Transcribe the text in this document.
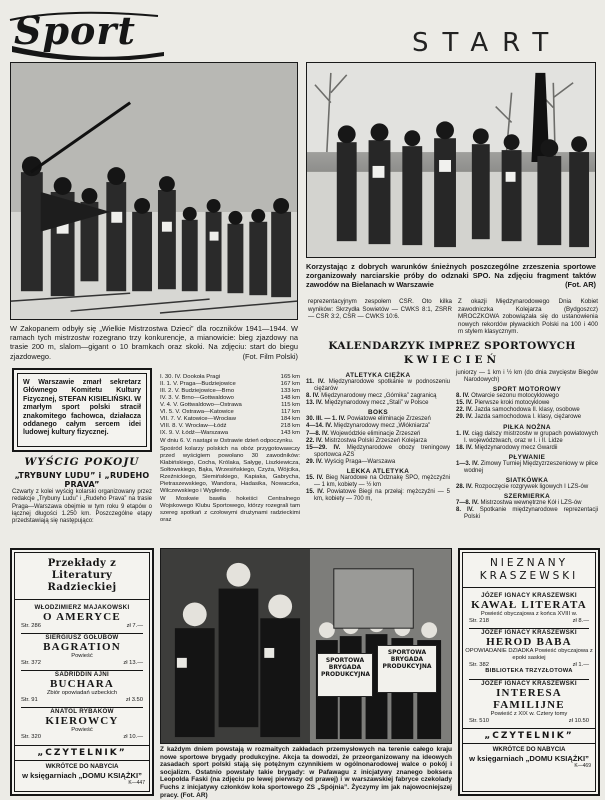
Sport	START
W Zakopanem odbyły się „Wielkie Mistrzostwa Dzieci” dla roczników 1941—1944. W ramach tych mistrzostw rozegrano trzy konkurencje, a mianowicie: bieg zjazdowy na trasie 200 m, slalom—gigant o 10 bramkach oraz skoki. Na zdjęciu: start do biegu zjazdowego.	(Fot. Film Polski)
Korzystając z dobrych warunków śnieżnych poszczególne zrzeszenia sportowe zorganizowały narciarskie próby do odznaki SPO. Na zdjęciu fragment taktów zawodów na Bielanach w Warszawie	(Fot. AR)
W Warszawie zmarł sekretarz Głównego Komitetu Kultury Fizycznej, STEFAN KISIELIŃSKI. W zmarłym sport polski stracił znakomitego fachowca, działacza oddanego całym sercem idei ludowej kultury fizycznej.
WYŚCIG POKOJU
„TRYBUNY LUDU” i „RUDEHO PRAVA”
Czwarty z kolei wyścig kolarski organizowany przez redakcje „Trybuny Ludu” i „Rudeho Prava” na trasie Praga—Warszawa obejmie w tym roku 9 etapów o łącznej długości 1.250 km. Poszczególne etapy przedstawiają się następująco:
I. 30. IV. Dookoła Pragi	165 km
II. 1. V. Praga—Budziejowice	167 km
III. 2. V. Budziejowice—Brno	133 km
IV. 3. V. Brno—Gottwaldowo	148 km
V. 4. V. Gottwaldowo—Ostrawa	115 km
VI. 5. V. Ostrawa—Katowice	117 km
VII. 7. V. Katowice—Wrocław	184 km
VIII. 8. V. Wrocław—Łódź	218 km
IX. 9. V. Łódź—Warszawa	143 km
W dniu 6. V. nastąpi w Ostrawie dzień odpoczynku.
Spośród kolarzy polskich na obóz przygotowawczy przed wyścigiem powołano 30 zawodników: Kłabińskiego, Cocha, Królaka, Sałygę, Liszkiewicza, Sołtowskiego, Bąka, Wrzesińskiego, Czyża, Wójcika, Rzeźnickiego, Siemińskiego, Kapiaka, Gabrycha, Pietraszewskiego, Wandora, Hadasika, Nowaczka, Wilczewskiego i Wyglendę.
W Moskwie bawiła hokeiści Centralnego Wojskowego Klubu Sportowego, którzy rozegrali tam szereg spotkań z czołowymi drużynami radzieckimi oraz
reprezentacyjnym zespołem CSR. Oto kilka wyników: Skrzydła Sowietów — CWKS 8:1, ZSRR — CSR 3:2, CSR — CWKS 10:6.
Z okazji Międzynarodowego Dnia Kobiet zawodniczka Kolejarza (Bydgoszcz) MROCZKOWA zobowiązała się do ustanowienia nowych rekordów pływackich Polski na 100 i 400 m stylem klasycznym.
KALENDARZYK IMPREZ SPORTOWYCH
KWIECIEŃ
ATLETYKA CIĘŻKA
11. IV. Międzynarodowe spotkanie w podnoszeniu ciężarów
8. IV. Międzynarodowy mecz „Górnika” zagranicą
13. IV. Międzynarodowy mecz „Stali” w Polsce
BOKS
30. III. — 1. IV. Powiatowe eliminacje Zrzeszeń
4—14. IV. Międzynarodowy mecz „Włókniarza”
7—8. IV. Wojewódzkie eliminacje Zrzeszeń
22. IV. Mistrzostwa Polski Zrzeszeń Kolejarza
15—29. IV. Międzynarodowe obozy treningowy sportowca AZS
29. IV. Wyścig Praga—Warszawa
LEKKA ATLETYKA
15. IV. Bieg Narodowe na Odznakę SPO, mężczyźni — 1 km, kobiety — ½ km
15. IV. Powiatowe Biegi na przełaj: mężczyźni — 5 km, kobiety — 700 m,
juniorzy — 1 km i ½ km (do dnia zwycięstw Biegów Narodowych)
SPORT MOTOROWY
8. IV. Otwarcie sezonu motocyklowego
15. IV. Pierwsze kroki motocyklowe
22. IV. Jazda samochodowa II. klasy, osobowe
29. IV. Jazda samochodowa I. klasy, ciężarowe
PIŁKA NOŻNA
1. IV. ciąg dalszy mistrzostw w grupach powiatowych I. województwach, oraz w I. i II. Lidze
18. IV. Międzynarodowy mecz Gwardii
PŁYWANIE
1—3. IV. Zimowy Turniej Międzyzrzeszeniowy w piłce wodnej
SIATKÓWKA
28. IV. Rozpoczęcie rozgrywek ligowych I LZS-ów
SZERMIERKA
7—8. IV. Mistrzostwa wewnętrzne Kół i LZS-ów
8. IV. Spotkanie międzynarodowe reprezentacji Polski
Przekłady z Literatury Radzieckiej
WŁODZIMIERZ MAJAKOWSKI
O AMERYCE
Str. 286	zł 7.—
SIERGIUSZ GOŁUBOW
BAGRATION
Powieść
Str. 372	zł 13.—
SADRIDDIN AJNI
BUCHARA
Zbiór opowiadań uzbeckich
Str. 91	zł 3.50
ANATOL RYBAKOW
KIEROWCY
Powieść
Str. 320	zł 10.—
„CZYTELNIK”
WKRÓTCE DO NABYCIA
w księgarniach „DOMU KSIĄŻKI”
K—447
SPORTOWA BRYGADA PRODUKCYJNA
SPORTOWA BRYGADA PRODUKCYJNA
Z każdym dniem powstają w rozmaitych zakładach przemysłowych na terenie całego kraju nowe sportowe brygady produkcyjne. Akcja ta dowodzi, że przeorganizowany na ideowych zasadach sport polski stają się potężnym czynnikiem w ogólnonarodowej walce o pokój i socjalizm. Ostatnio powstały takie brygady: w Pafawagu z inicjatywy znanego boksera Leopolda Faski (na zdjęciu po lewej pierwszy od prawej) i w warszawskiej fabryce czekolady Fuchs z inicjatywy członków koła sportowego ZS „Spójnia”. Życzymy im jak najowocniejszej pracy. (Fot. AR)
NIEZNANY
KRASZEWSKI
JÓZEF IGNACY KRASZEWSKI
KAWAŁ LITERATA
Powieść obyczajowa z końca XVIII w.
Str. 218	zł 8.—
JÓZEF IGNACY KRASZEWSKI
HEROD BABA
OPOWIADANIE DZIADKA Powieść obyczajowa z epoki saskiej
Str. 382	zł 1.—
BIBLIOTEKA TRZYZŁOTOWA
JÓZEF IGNACY KRASZEWSKI
INTERESA FAMILIJNE
Powieść z XIX w. Cztery tomy
Str. 510	zł 10.50
„CZYTELNIK”
WKRÓTCE DO NABYCIA
w księgarniach „DOMU KSIĄŻKI”
K—469
